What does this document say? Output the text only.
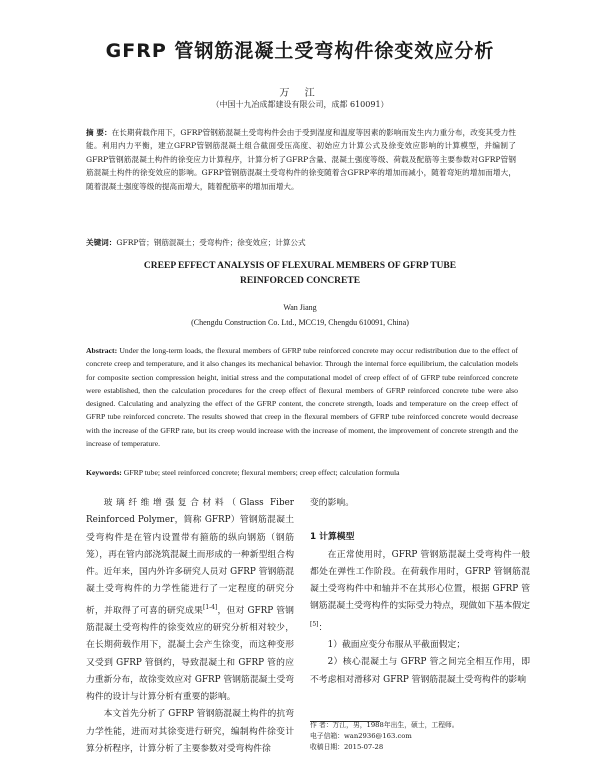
GFRP 管钢筋混凝土受弯构件徐变效应分析
万 江
（中国十九冶成都建设有限公司，成都 610091）
摘 要：在长期荷载作用下，GFRP管钢筋混凝土受弯构件会由于受到湿度和温度等因素的影响而发生内力重分布，改变其受力性能。利用内力平衡，建立GFRP管钢筋混凝土组合截面受压高度、初始应力计算公式及徐变效应影响的计算模型，并编制了GFRP管钢筋混凝土构件的徐变应力计算程序，计算分析了GFRP含量、混凝土强度等级、荷载及配筋等主要参数对GFRP管钢筋混凝土构件的徐变效应的影响。GFRP管钢筋混凝土受弯构件的徐变随着含GFRP率的增加而减小，随着弯矩的增加而增大，随着混凝土强度等级的提高而增大，随着配筋率的增加而增大。
关键词：GFRP管；钢筋混凝土；受弯构件；徐变效应；计算公式
CREEP EFFECT ANALYSIS OF FLEXURAL MEMBERS OF GFRP TUBE REINFORCED CONCRETE
Wan Jiang
(Chengdu Construction Co. Ltd., MCC19, Chengdu 610091, China)
Abstract: Under the long-term loads, the flexural members of GFRP tube reinforced concrete may occur redistribution due to the effect of concrete creep and temperature, and it also changes its mechanical behavior. Through the internal force equilibrium, the calculation models for composite section compression height, initial stress and the computational model of creep effect of of GFRP tube reinforced concrete were established, then the calculation procedures for the creep effect of flexural members of GFRP reinforced concrete tube were also designed. Calculating and analyzing the effect of the GFRP content, the concrete strength, loads and temperature on the creep effect of GFRP tube reinforced concrete. The results showed that creep in the flexural members of GFRP tube reinforced concrete would decrease with the increase of the GFRP rate, but its creep would increase with the increase of moment, the improvement of concrete strength and the increase of temperature.
Keywords: GFRP tube; steel reinforced concrete; flexural members; creep effect; calculation formula

玻璃纤维增强复合材料（Glass Fiber Reinforced Polymer，简称 GFRP）管钢筋混凝土受弯构件是在管内设置带有箍筋的纵向钢筋（钢筋笼），再在管内部浇筑混凝土而形成的一种新型组合构件。近年来，国内外许多研究人员对 GFRP 管钢筋混凝土受弯构件的力学性能进行了一定程度的研究分析，并取得了可喜的研究成果[1-4]，但对 GFRP 管钢筋混凝土受弯构件的徐变效应的研究分析相对较少，在长期荷载作用下，混凝土会产生徐变，而这种变形又受到 GFRP 管倒约，导致混凝土和 GFRP 管的应力重新分布，故徐变效应对 GFRP 管钢筋混凝土受弯构件的设计与计算分析有重要的影响。

本文首先分析了 GFRP 管钢筋混凝土构件的抗弯力学性能，进而对其徐变进行研究，编制构件徐变计算分析程序，计算分析了主要参数对受弯构件徐

变的影响。

1 计算模型

在正常使用时，GFRP 管钢筋混凝土受弯构件一般都处在弹性工作阶段。在荷载作用时，GFRP 管钢筋混凝土受弯构件中和轴并不在其形心位置，根据 GFRP 管钢筋混凝土受弯构件的实际受力特点，现做如下基本假定[5]：

1）截面应变分布服从平截面假定；

2）核心混凝土与 GFRP 管之间完全相互作用，即不考虑相对滑移对 GFRP 管钢筋混凝土受弯构件的影响

作 者：万江，男，1988年出生，硕士，工程师。
电子信箱：wan2936@163.com
收稿日期：2015-07-28
